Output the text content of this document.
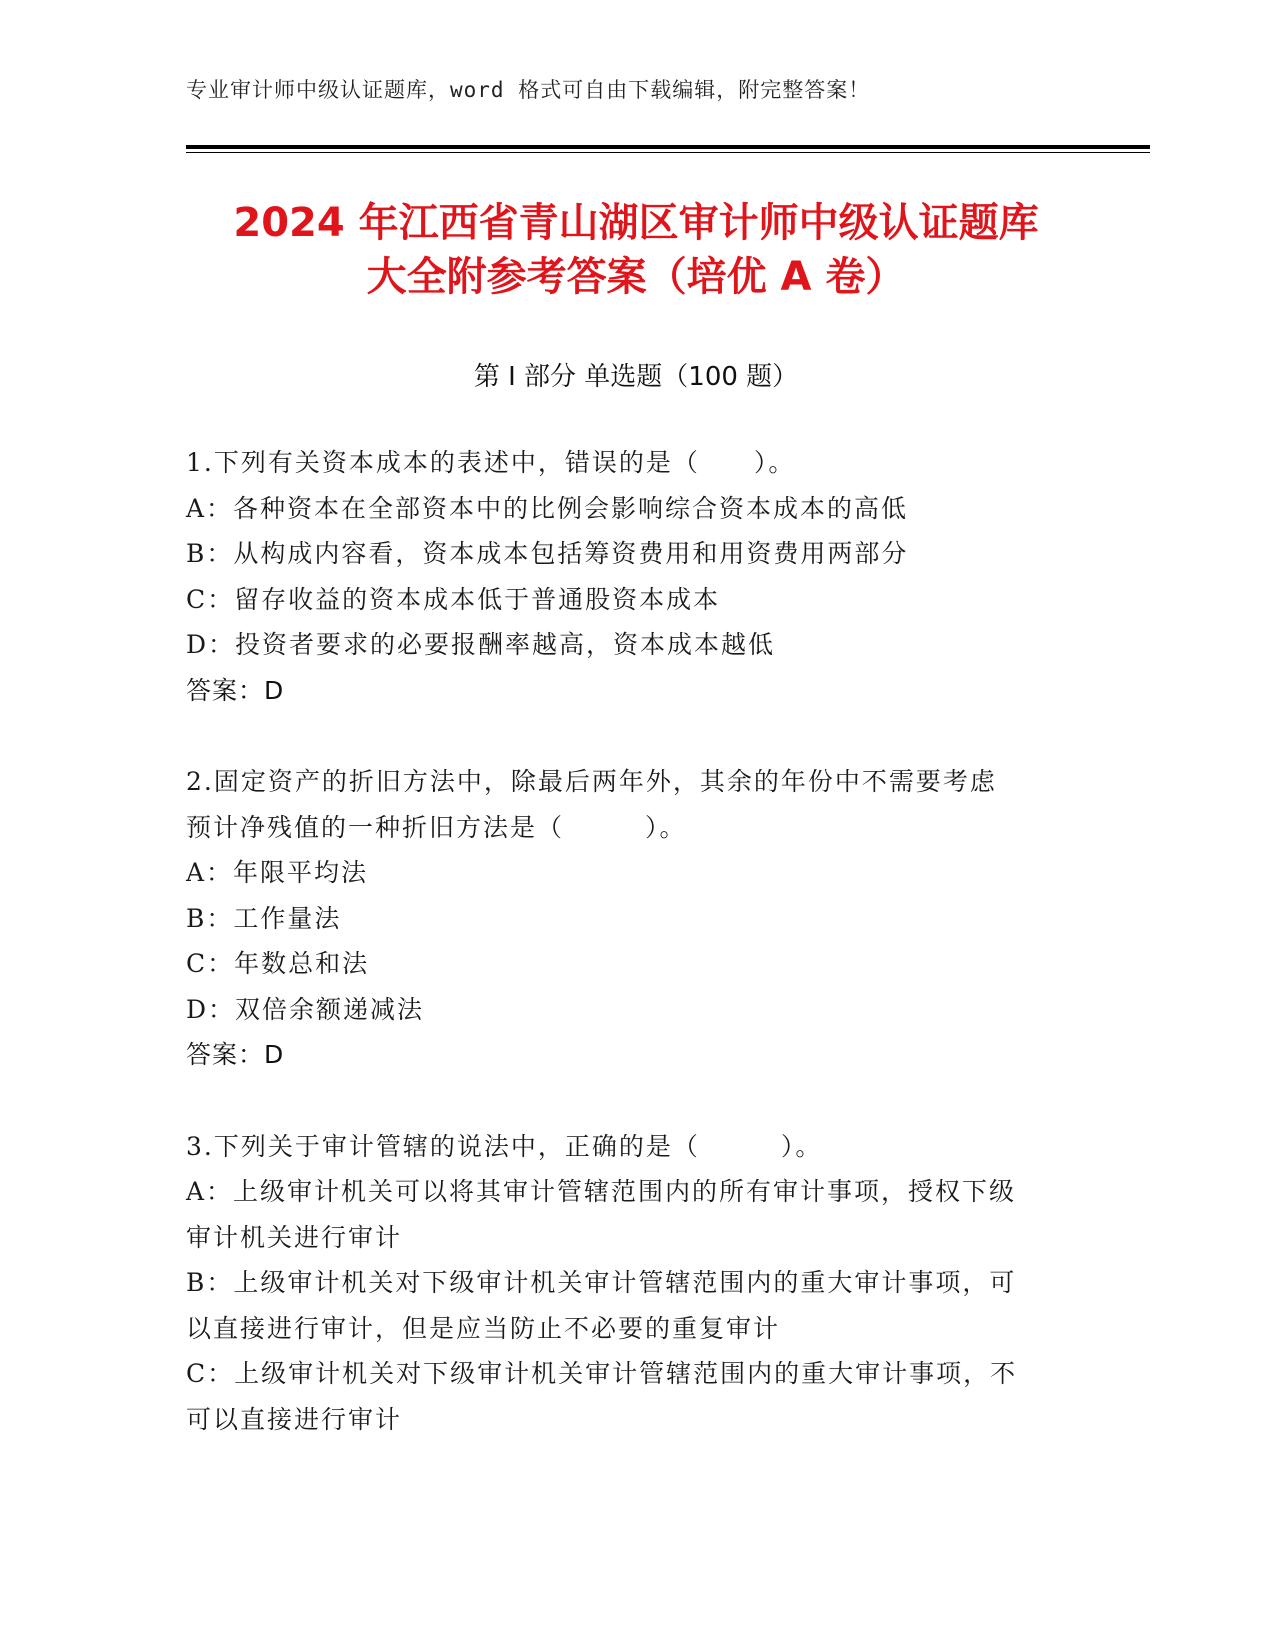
专业审计师中级认证题库，word 格式可自由下载编辑，附完整答案！
2024 年江西省青山湖区审计师中级认证题库
大全附参考答案（培优 A 卷）
第 I 部分 单选题（100 题）
1.下列有关资本成本的表述中，错误的是（　　）。
A：各种资本在全部资本中的比例会影响综合资本成本的高低
B：从构成内容看，资本成本包括筹资费用和用资费用两部分
C：留存收益的资本成本低于普通股资本成本
D：投资者要求的必要报酬率越高，资本成本越低
答案：D
2.固定资产的折旧方法中，除最后两年外，其余的年份中不需要考虑
预计净残值的一种折旧方法是（　　　）。
A：年限平均法
B：工作量法
C：年数总和法
D：双倍余额递减法
答案：D
3.下列关于审计管辖的说法中，正确的是（　　　）。
A：上级审计机关可以将其审计管辖范围内的所有审计事项，授权下级
审计机关进行审计
B：上级审计机关对下级审计机关审计管辖范围内的重大审计事项，可
以直接进行审计，但是应当防止不必要的重复审计
C：上级审计机关对下级审计机关审计管辖范围内的重大审计事项，不
可以直接进行审计
